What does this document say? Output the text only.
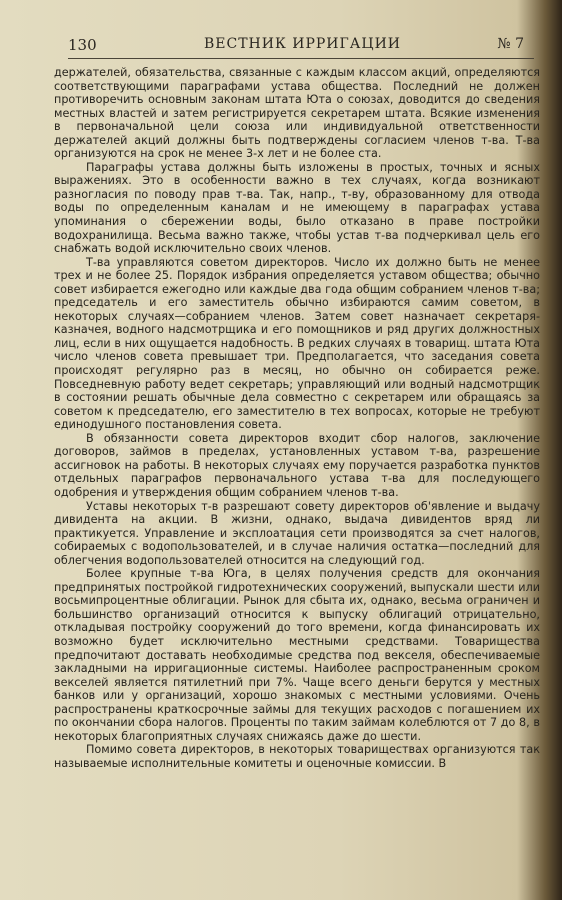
130	ВЕСТНИК ИРРИГАЦИИ	№ 7

держателей, обязательства, связанные с каждым классом акций, определяются соответствующими параграфами устава общества. Последний не должен противоречить основным законам штата Юта о союзах, доводится до сведения местных властей и затем регистрируется секретарем штата. Всякие изменения в первоначальной цели союза или индивидуальной ответственности держателей акций должны быть подтверждены согласием членов т-ва. Т-ва организуются на срок не менее 3-х лет и не более ста.

Параграфы устава должны быть изложены в простых, точных и ясных выражениях. Это в особенности важно в тех случаях, когда возникают разногласия по поводу прав т-ва. Так, напр., т-ву, образованному для отвода воды по определенным каналам и не имеющему в параграфах устава упоминания о сбережении воды, было отказано в праве постройки водохранилища. Весьма важно также, чтобы устав т-ва подчеркивал цель его снабжать водой исключительно своих членов.

Т-ва управляются советом директоров. Число их должно быть не менее трех и не более 25. Порядок избрания определяется уставом общества; обычно совет избирается ежегодно или каждые два года общим собранием членов т-ва; председатель и его заместитель обычно избираются самим советом, в некоторых случаях—собранием членов. Затем совет назначает секретаря-казначея, водного надсмотрщика и его помощников и ряд других должностных лиц, если в них ощущается надобность. В редких случаях в товарищ. штата Юта число членов совета превышает три. Предполагается, что заседания совета происходят регулярно раз в месяц, но обычно он собирается реже. Повседневную работу ведет секретарь; управляющий или водный надсмотрщик в состоянии решать обычные дела совместно с секретарем или обращаясь за советом к председателю, его заместителю в тех вопросах, которые не требуют единодушного постановления совета.

В обязанности совета директоров входит сбор налогов, заключение договоров, займов в пределах, установленных уставом т-ва, разрешение ассигновок на работы. В некоторых случаях ему поручается разработка пунктов отдельных параграфов первоначального устава т-ва для последующего одобрения и утверждения общим собранием членов т-ва.

Уставы некоторых т-в разрешают совету директоров об'явление и выдачу дивидента на акции. В жизни, однако, выдача дивидентов вряд ли практикуется. Управление и эксплоатация сети производятся за счет налогов, собираемых с водопользователей, и в случае наличия остатка—последний для облегчения водопользователей относится на следующий год.

Более крупные т-ва Юга, в целях получения средств для окончания предпринятых постройкой гидротехнических сооружений, выпускали шести или восьмипроцентные облигации. Рынок для сбыта их, однако, весьма ограничен и большинство организаций относится к выпуску облигаций отрицательно, откладывая постройку сооружений до того времени, когда финансировать их возможно будет исключительно местными средствами. Товарищества предпочитают доставать необходимые средства под векселя, обеспечиваемые закладными на ирригационные системы. Наиболее распространенным сроком векселей является пятилетний при 7%. Чаще всего деньги берутся у местных банков или у организаций, хорошо знакомых с местными условиями. Очень распространены краткосрочные займы для текущих расходов с погашением их по окончании сбора налогов. Проценты по таким займам колеблются от 7 до 8, в некоторых благоприятных случаях снижаясь даже до шести.

Помимо совета директоров, в некоторых товариществах организуются так называемые исполнительные комитеты и оценочные комиссии. В
